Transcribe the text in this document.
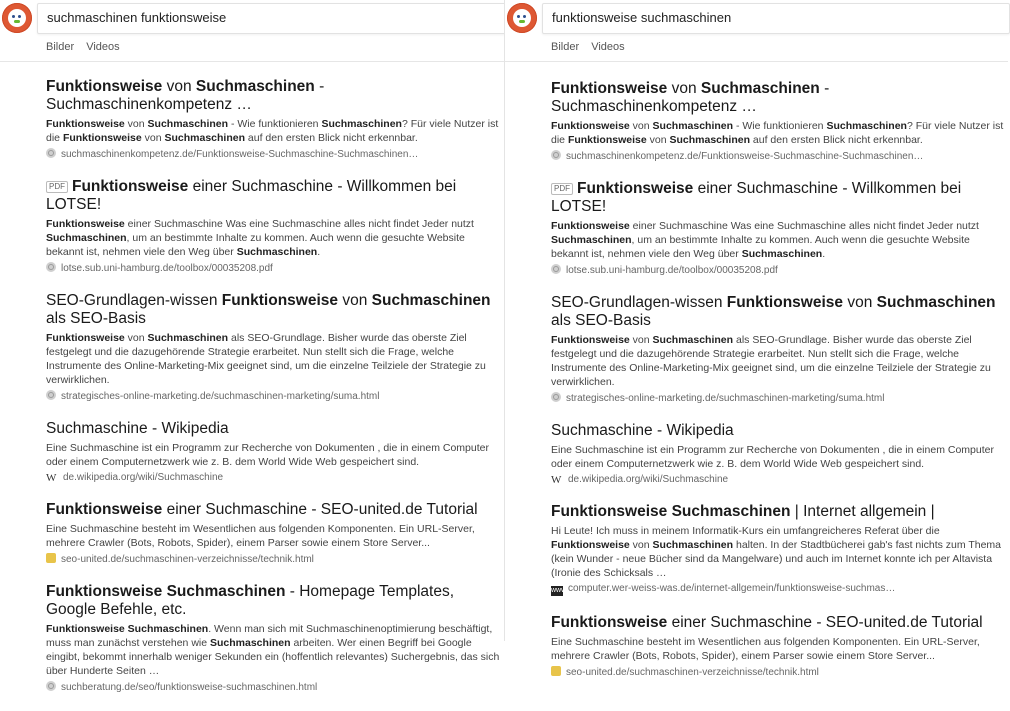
suchmaschinen funktionsweise
Bilder Videos
Funktionsweise von Suchmaschinen - Suchmaschinenkompetenz …
Funktionsweise von Suchmaschinen - Wie funktionieren Suchmaschinen? Für viele Nutzer ist die Funktionsweise von Suchmaschinen auf den ersten Blick nicht erkennbar.
suchmaschinenkompetenz.de/Funktionsweise-Suchmaschine-Suchmaschinen…
PDF Funktionsweise einer Suchmaschine - Willkommen bei LOTSE!
Funktionsweise einer Suchmaschine Was eine Suchmaschine alles nicht findet Jeder nutzt Suchmaschinen, um an bestimmte Inhalte zu kommen. Auch wenn die gesuchte Website bekannt ist, nehmen viele den Weg über Suchmaschinen.
lotse.sub.uni-hamburg.de/toolbox/00035208.pdf
SEO-Grundlagen-wissen Funktionsweise von Suchmaschinen als SEO-Basis
Funktionsweise von Suchmaschinen als SEO-Grundlage. Bisher wurde das oberste Ziel festgelegt und die dazugehörende Strategie erarbeitet. Nun stellt sich die Frage, welche Instrumente des Online-Marketing-Mix geeignet sind, um die einzelne Teilziele der Strategie zu verwirklichen.
strategisches-online-marketing.de/suchmaschinen-marketing/suma.html
Suchmaschine - Wikipedia
Eine Suchmaschine ist ein Programm zur Recherche von Dokumenten , die in einem Computer oder einem Computernetzwerk wie z. B. dem World Wide Web gespeichert sind.
W de.wikipedia.org/wiki/Suchmaschine
Funktionsweise einer Suchmaschine - SEO-united.de Tutorial
Eine Suchmaschine besteht im Wesentlichen aus folgenden Komponenten. Ein URL-Server, mehrere Crawler (Bots, Robots, Spider), einem Parser sowie einem Store Server...
seo-united.de/suchmaschinen-verzeichnisse/technik.html
Funktionsweise Suchmaschinen - Homepage Templates, Google Befehle, etc.
Funktionsweise Suchmaschinen. Wenn man sich mit Suchmaschinenoptimierung beschäftigt, muss man zunächst verstehen wie Suchmaschinen arbeiten. Wer einen Begriff bei Google eingibt, bekommt innerhalb weniger Sekunden ein (hoffentlich relevantes) Suchergebnis, das sich über Hunderte Seiten …
suchberatung.de/seo/funktionsweise-suchmaschinen.html
funktionsweise suchmaschinen
Bilder Videos
Funktionsweise von Suchmaschinen - Suchmaschinenkompetenz …
Funktionsweise von Suchmaschinen - Wie funktionieren Suchmaschinen? Für viele Nutzer ist die Funktionsweise von Suchmaschinen auf den ersten Blick nicht erkennbar.
suchmaschinenkompetenz.de/Funktionsweise-Suchmaschine-Suchmaschinen…
PDF Funktionsweise einer Suchmaschine - Willkommen bei LOTSE!
Funktionsweise einer Suchmaschine Was eine Suchmaschine alles nicht findet Jeder nutzt Suchmaschinen, um an bestimmte Inhalte zu kommen. Auch wenn die gesuchte Website bekannt ist, nehmen viele den Weg über Suchmaschinen.
lotse.sub.uni-hamburg.de/toolbox/00035208.pdf
SEO-Grundlagen-wissen Funktionsweise von Suchmaschinen als SEO-Basis
Funktionsweise von Suchmaschinen als SEO-Grundlage. Bisher wurde das oberste Ziel festgelegt und die dazugehörende Strategie erarbeitet. Nun stellt sich die Frage, welche Instrumente des Online-Marketing-Mix geeignet sind, um die einzelne Teilziele der Strategie zu verwirklichen.
strategisches-online-marketing.de/suchmaschinen-marketing/suma.html
Suchmaschine - Wikipedia
Eine Suchmaschine ist ein Programm zur Recherche von Dokumenten , die in einem Computer oder einem Computernetzwerk wie z. B. dem World Wide Web gespeichert sind.
W de.wikipedia.org/wiki/Suchmaschine
Funktionsweise Suchmaschinen | Internet allgemein |
Hi Leute! Ich muss in meinem Informatik-Kurs ein umfangreicheres Referat über die Funktionsweise von Suchmaschinen halten. In der Stadtbücherei gab's fast nichts zum Thema (kein Wunder - neue Bücher sind da Mangelware) und auch im Internet konnte ich per Altavista (Ironie des Schicksals …
www computer.wer-weiss-was.de/internet-allgemein/funktionsweise-suchmas…
Funktionsweise einer Suchmaschine - SEO-united.de Tutorial
Eine Suchmaschine besteht im Wesentlichen aus folgenden Komponenten. Ein URL-Server, mehrere Crawler (Bots, Robots, Spider), einem Parser sowie einem Store Server...
seo-united.de/suchmaschinen-verzeichnisse/technik.html
